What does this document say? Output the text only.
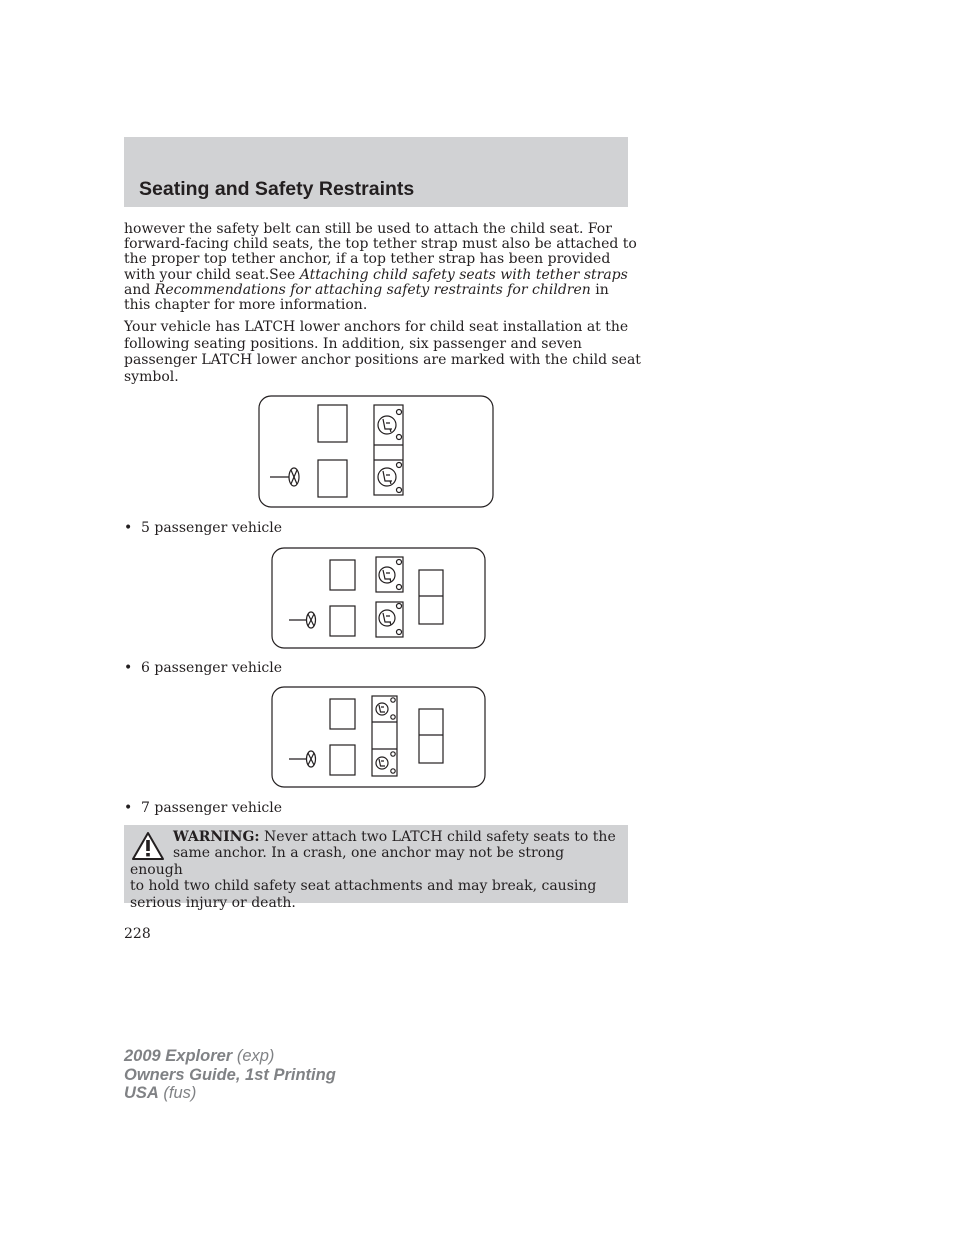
Seating and Safety Restraints

however the safety belt can still be used to attach the child seat. For
forward-facing child seats, the top tether strap must also be attached to
the proper top tether anchor, if a top tether strap has been provided
with your child seat.See Attaching child safety seats with tether straps
and Recommendations for attaching safety restraints for children in
this chapter for more information.

Your vehicle has LATCH lower anchors for child seat installation at the
following seating positions. In addition, six passenger and seven
passenger LATCH lower anchor positions are marked with the child seat
symbol.

• 5 passenger vehicle

• 6 passenger vehicle

• 7 passenger vehicle

WARNING: Never attach two LATCH child safety seats to the
same anchor. In a crash, one anchor may not be strong enough
to hold two child safety seat attachments and may break, causing
serious injury or death.

228

2009 Explorer (exp)
Owners Guide, 1st Printing
USA (fus)
